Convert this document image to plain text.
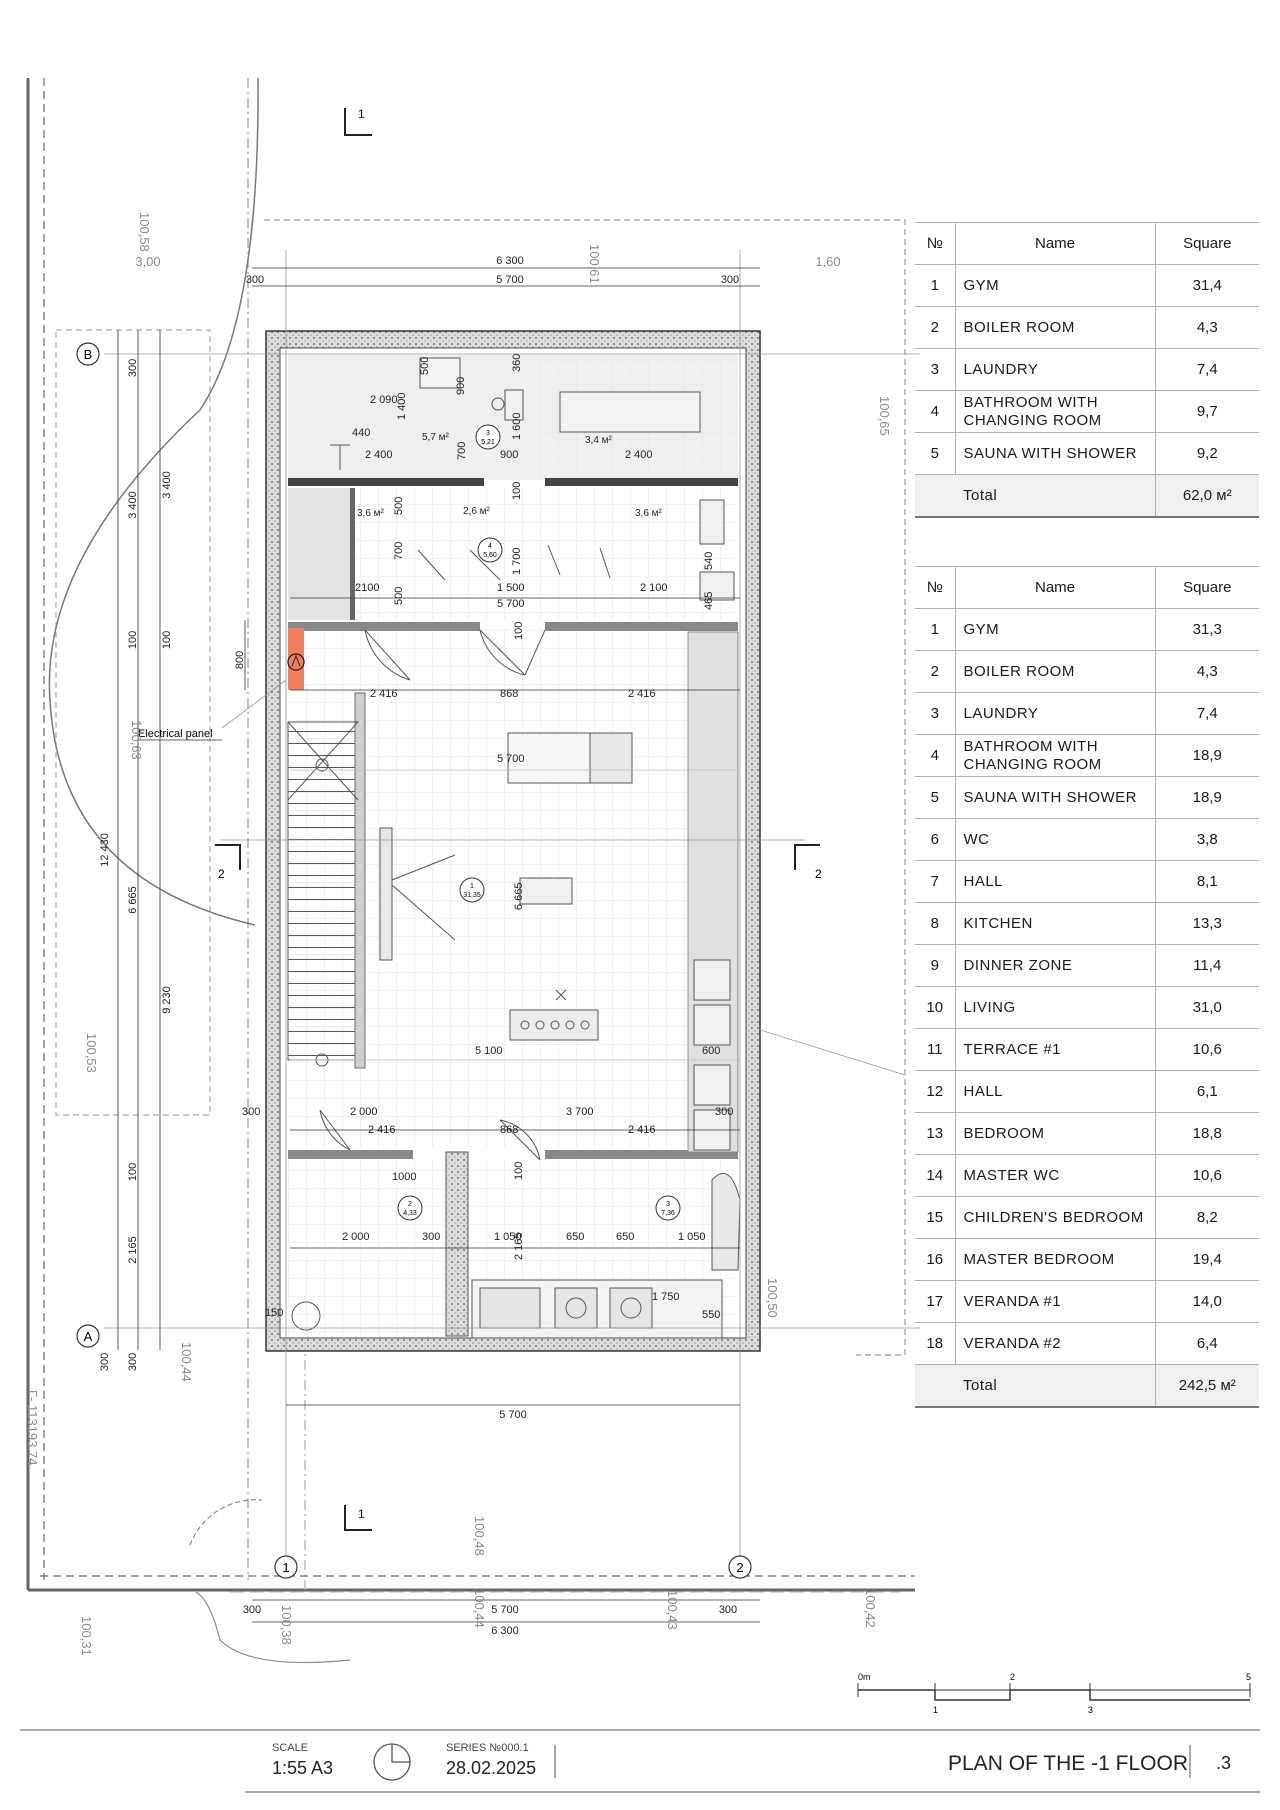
B
A
1	2
1
1
2	2
Electrical panel
6 300
5 700
300	300
3,00	1,60
5 700
5 700
6 300
300	300
300
3 400
3 400
100 100
800
6 665
9 230
12 430
100
2 165
300 300
2 090
500
900
360
1 400
440
2 400	900	2 400
700
1 600
500
700
100
1 700
2100	1 500	2 100
5 700
540
465
2 416	868	2 416
5 700
6 665
5 100	600
2 000
2 416	868
3 700
2 416
300	300
1000
2 000	300	1 050	650	650	1 050
2 165
1 750
550
150
100
100
500
5,7 м²	3,4 м²
3,6 м²	2,6 м²	3,6 м²
3
5,21
4
5,60
1
31,35
2
4,33
3
7,36
100,58
100,61
100,65
100,63
100,53
100,44
100,50
100,48
100,44	100,43
100,38
100,31
100,42
Г- 113193,74
0m
1
2
3
5
№	Name	Square
1	GYM	31,4
2	BOILER ROOM	4,3
3	LAUNDRY	7,4
4	BATHROOM WITH
CHANGING ROOM	9,7
5	SAUNA WITH SHOWER	9,2
	Total	62,0 м²
№	Name	Square
1	GYM	31,3
2	BOILER ROOM	4,3
3	LAUNDRY	7,4
4	BATHROOM WITH
CHANGING ROOM	18,9
5	SAUNA WITH SHOWER	18,9
6	WC	3,8
7	HALL	8,1
8	KITCHEN	13,3
9	DINNER ZONE	11,4
10	LIVING	31,0
11	TERRACE #1	10,6
12	HALL	6,1
13	BEDROOM	18,8
14	MASTER WC	10,6
15	CHILDREN'S BEDROOM	8,2
16	MASTER BEDROOM	19,4
17	VERANDA #1	14,0
18	VERANDA #2	6,4
	Total	242,5 м²
SCALE
1:55 A3
SERIES №000.1
28.02.2025	PLAN OF THE -1 FLOOR .3
